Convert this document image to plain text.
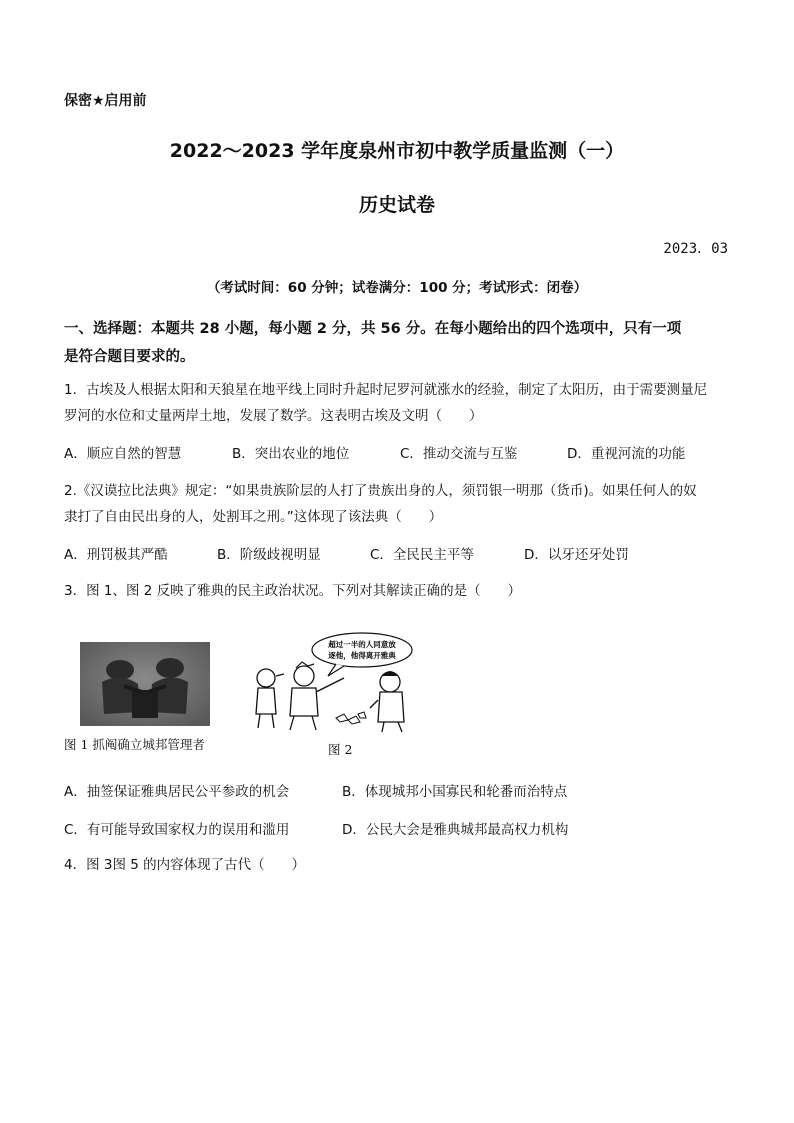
保密★启用前
2022～2023 学年度泉州市初中教学质量监测（一）
历史试卷
2023．03
（考试时间：60 分钟；试卷满分：100 分；考试形式：闭卷）
一、选择题：本题共 28 小题，每小题 2 分，共 56 分。在每小题给出的四个选项中，只有一项
是符合题目要求的。
1．古埃及人根据太阳和天狼星在地平线上同时升起时尼罗河就涨水的经验，制定了太阳历，由于需要测量尼
罗河的水位和丈量两岸土地，发展了数学。这表明古埃及文明（　　）
A．顺应自然的智慧	B．突出农业的地位	C．推动交流与互鉴	D．重视河流的功能
2.《汉谟拉比法典》规定：“如果贵族阶层的人打了贵族出身的人，须罚银一明那（货币)。如果任何人的奴
隶打了自由民出身的人，处割耳之刑。”这体现了该法典（　　）
A．刑罚极其严酷	B．阶级歧视明显	C．全民民主平等	D．以牙还牙处罚
3．图 1、图 2 反映了雅典的民主政治状况。下列对其解读正确的是（　　）
图 1 抓阄确立城邦管理者
超过一半的人同意放
逐他，他得离开雅典
图 2
A．抽签保证雅典居民公平参政的机会	B．体现城邦小国寡民和轮番而治特点
C．有可能导致国家权力的误用和滥用	D．公民大会是雅典城邦最高权力机构
4．图 3图 5 的内容体现了古代（　　）
